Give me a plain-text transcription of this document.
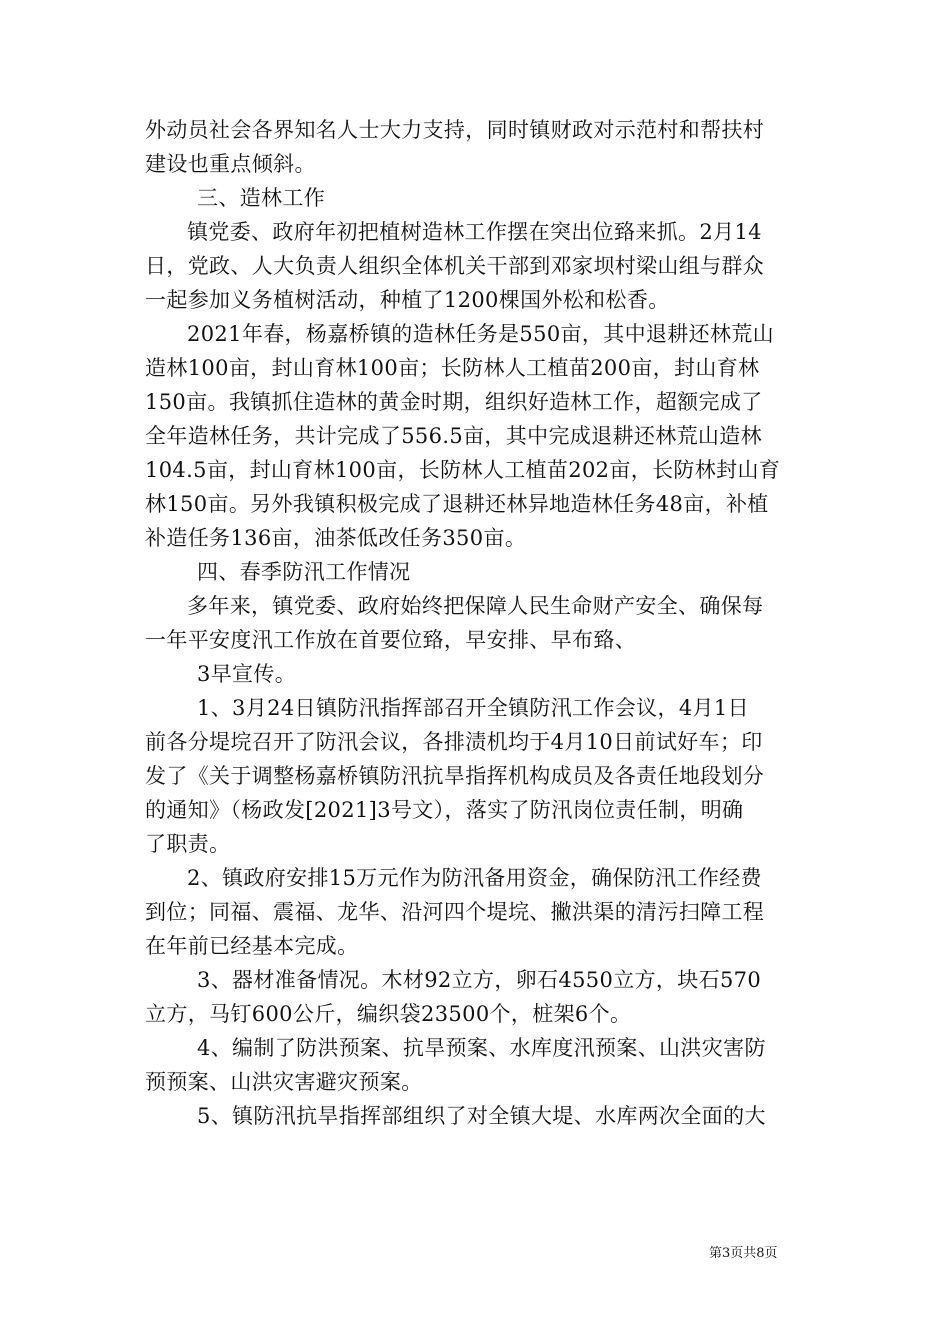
外动员社会各界知名人士大力支持，同时镇财政对示范村和帮扶村
建设也重点倾斜。
三、造林工作
镇党委、政府年初把植树造林工作摆在突出位臵来抓。2月14
日，党政、人大负责人组织全体机关干部到邓家坝村梁山组与群众
一起参加义务植树活动，种植了1200棵国外松和松香。
2021年春，杨嘉桥镇的造林任务是550亩，其中退耕还林荒山
造林100亩，封山育林100亩；长防林人工植苗200亩，封山育林
150亩。我镇抓住造林的黄金时期，组织好造林工作，超额完成了
全年造林任务，共计完成了556.5亩，其中完成退耕还林荒山造林
104.5亩，封山育林100亩，长防林人工植苗202亩，长防林封山育
林150亩。另外我镇积极完成了退耕还林异地造林任务48亩，补植
补造任务136亩，油茶低改任务350亩。
四、春季防汛工作情况
多年来，镇党委、政府始终把保障人民生命财产安全、确保每
一年平安度汛工作放在首要位臵，早安排、早布臵、
3早宣传。
1、3月24日镇防汛指挥部召开全镇防汛工作会议，4月1日
前各分堤垸召开了防汛会议，各排渍机均于4月10日前试好车；印
发了《关于调整杨嘉桥镇防汛抗旱指挥机构成员及各责任地段划分
的通知》（杨政发[2021]3号文），落实了防汛岗位责任制，明确
了职责。
2、镇政府安排15万元作为防汛备用资金，确保防汛工作经费
到位；同福、震福、龙华、沿河四个堤垸、撇洪渠的清污扫障工程
在年前已经基本完成。
3、器材准备情况。木材92立方，卵石4550立方，块石570
立方，马钉600公斤，编织袋23500个，桩架6个。
4、编制了防洪预案、抗旱预案、水库度汛预案、山洪灾害防
预预案、山洪灾害避灾预案。
5、镇防汛抗旱指挥部组织了对全镇大堤、水库两次全面的大
第3页共8页
